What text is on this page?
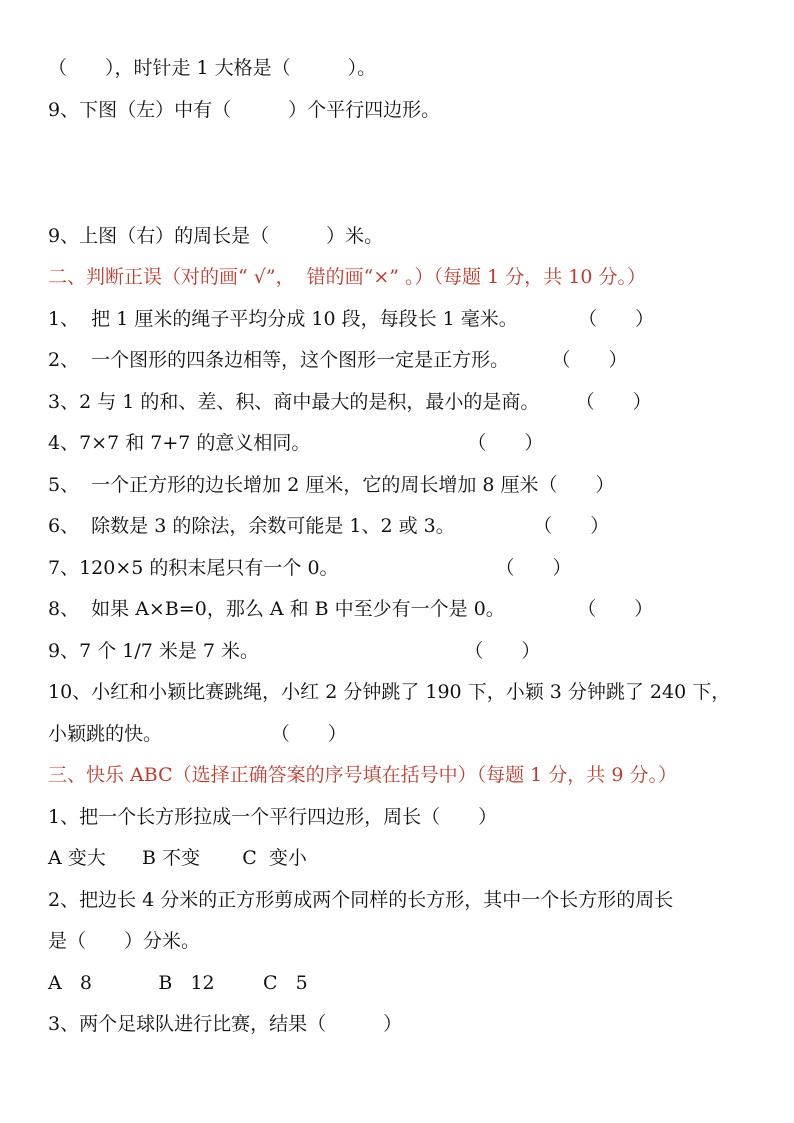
（　　），时针走 1 大格是（　　　）。
9、下图（左）中有（　　　）个平行四边形。
9、上图（右）的周长是（　　　）米。
二、判断正误（对的画“ √”，  错的画“×” 。）（每题 1 分，共 10 分。）
1、  把 1 厘米的绳子平均分成 10 段，每段长 1 毫米。          （　　）
2、  一个图形的四条边相等，这个图形一定是正方形。       （　　）
3、2 与 1 的和、差、积、商中最大的是积，最小的是商。      （　　）
4、7×7 和 7+7 的意义相同。                          （　　）
5、  一个正方形的边长增加 2 厘米，它的周长增加 8 厘米（　　）
6、  除数是 3 的除法，余数可能是 1、2 或 3。             （　　）
7、120×5 的积末尾只有一个 0。                          （　　）
8、  如果 A×B=0，那么 A 和 B 中至少有一个是 0。            （　　）
9、7 个 1/7 米是 7 米。                                  （　　）
10、小红和小颖比赛跳绳，小红 2 分钟跳了 190 下，小颖 3 分钟跳了 240 下，
小颖跳的快。                  （　　）
三、快乐 ABC（选择正确答案的序号填在括号中）（每题 1 分，共 9 分。）
1、把一个长方形拉成一个平行四边形，周长（　　）
A 变大      B 不变       C  变小
2、把边长 4 分米的正方形剪成两个同样的长方形，其中一个长方形的周长
是（　　）分米。
A   8           B   12        C   5
3、两个足球队进行比赛，结果（　　　）
